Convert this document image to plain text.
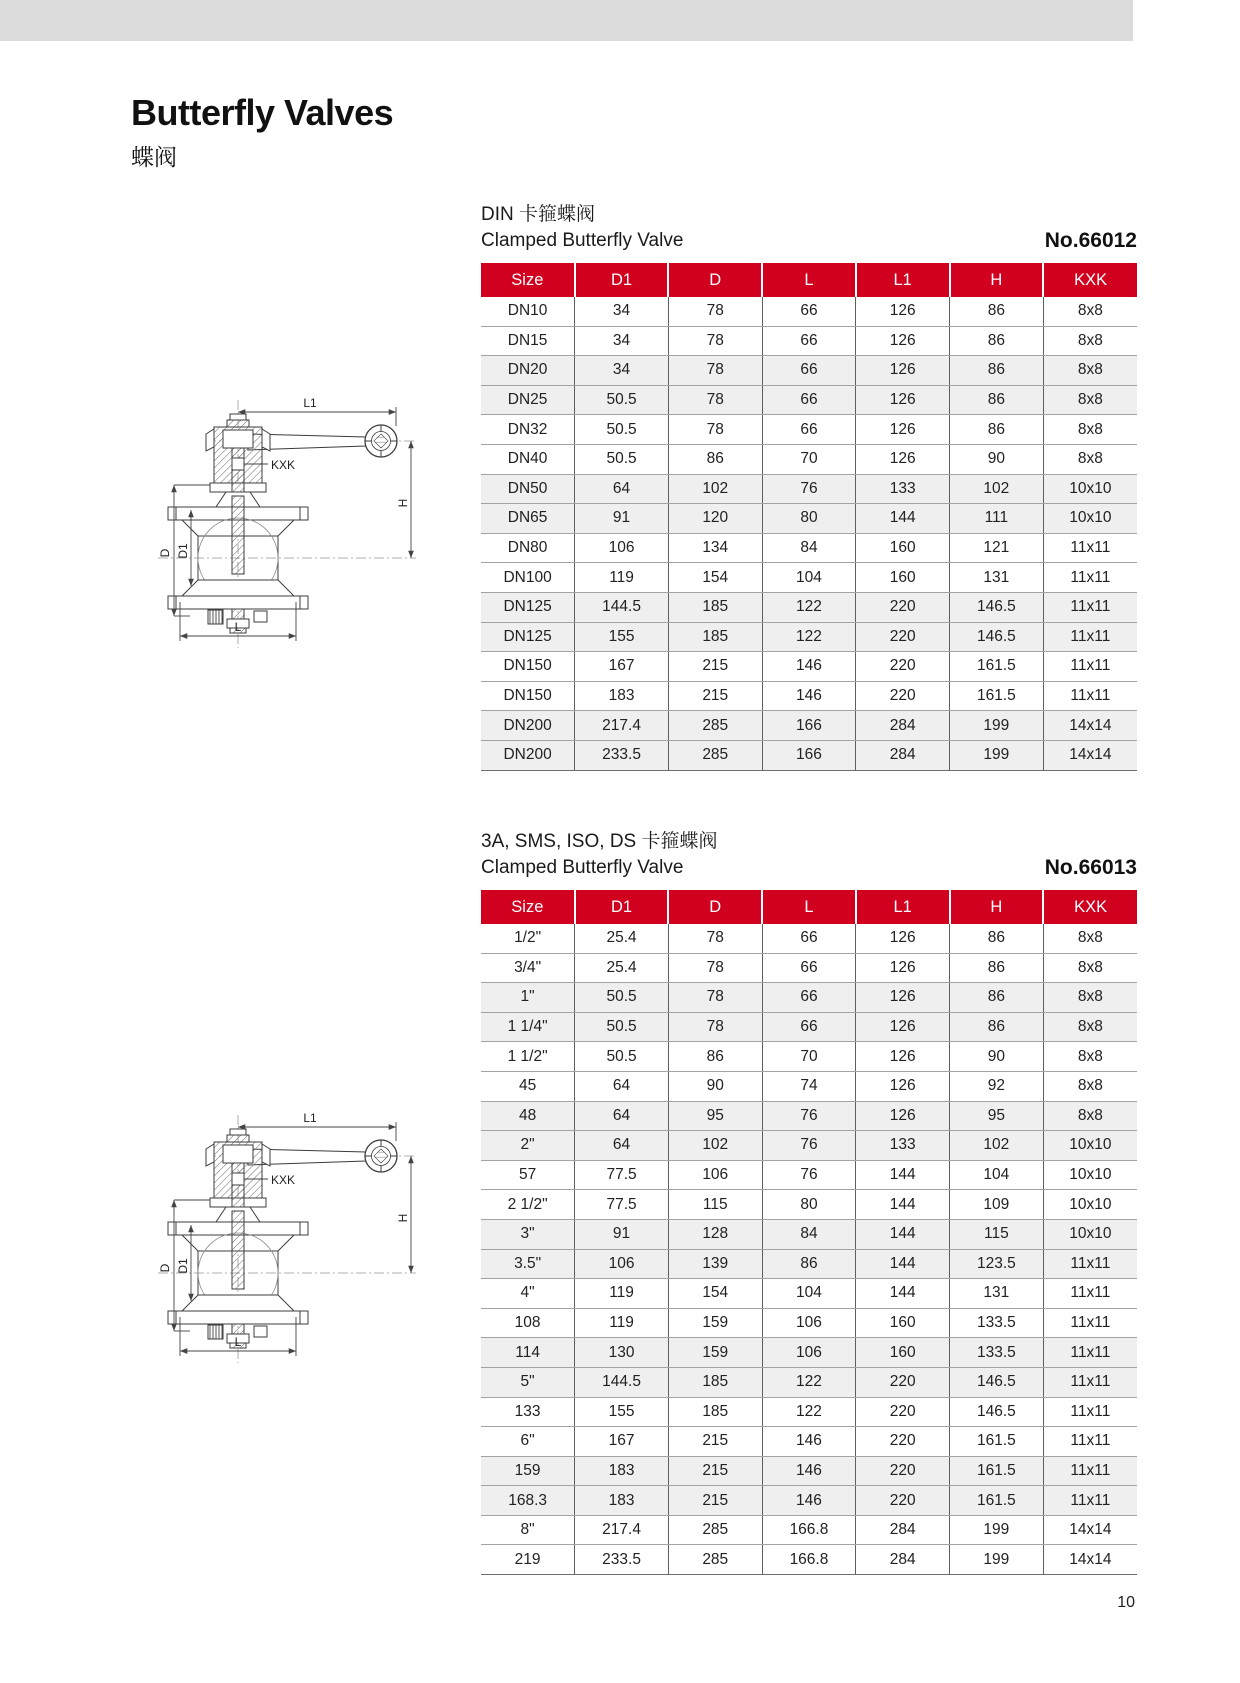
Butterfly Valves
蝶阀
L1
KXK
H
D D1
L
L1
KXK
H
D D1
L
DIN 卡箍蝶阀
Clamped Butterfly Valve	No.66012
Size	D1	D	L	L1	H	KXK
DN10	34	78	66	126	86	8x8
DN15	34	78	66	126	86	8x8
DN20	34	78	66	126	86	8x8
DN25	50.5	78	66	126	86	8x8
DN32	50.5	78	66	126	86	8x8
DN40	50.5	86	70	126	90	8x8
DN50	64	102	76	133	102	10x10
DN65	91	120	80	144	111	10x10
DN80	106	134	84	160	121	11x11
DN100	119	154	104	160	131	11x11
DN125	144.5	185	122	220	146.5	11x11
DN125	155	185	122	220	146.5	11x11
DN150	167	215	146	220	161.5	11x11
DN150	183	215	146	220	161.5	11x11
DN200	217.4	285	166	284	199	14x14
DN200	233.5	285	166	284	199	14x14
3A, SMS, ISO, DS 卡箍蝶阀
Clamped Butterfly Valve	No.66013
Size	D1	D	L	L1	H	KXK
1/2"	25.4	78	66	126	86	8x8
3/4"	25.4	78	66	126	86	8x8
1"	50.5	78	66	126	86	8x8
1 1/4"	50.5	78	66	126	86	8x8
1 1/2"	50.5	86	70	126	90	8x8
45	64	90	74	126	92	8x8
48	64	95	76	126	95	8x8
2"	64	102	76	133	102	10x10
57	77.5	106	76	144	104	10x10
2 1/2"	77.5	115	80	144	109	10x10
3"	91	128	84	144	115	10x10
3.5"	106	139	86	144	123.5	11x11
4"	119	154	104	144	131	11x11
108	119	159	106	160	133.5	11x11
114	130	159	106	160	133.5	11x11
5"	144.5	185	122	220	146.5	11x11
133	155	185	122	220	146.5	11x11
6"	167	215	146	220	161.5	11x11
159	183	215	146	220	161.5	11x11
168.3	183	215	146	220	161.5	11x11
8"	217.4	285	166.8	284	199	14x14
219	233.5	285	166.8	284	199	14x14
10
